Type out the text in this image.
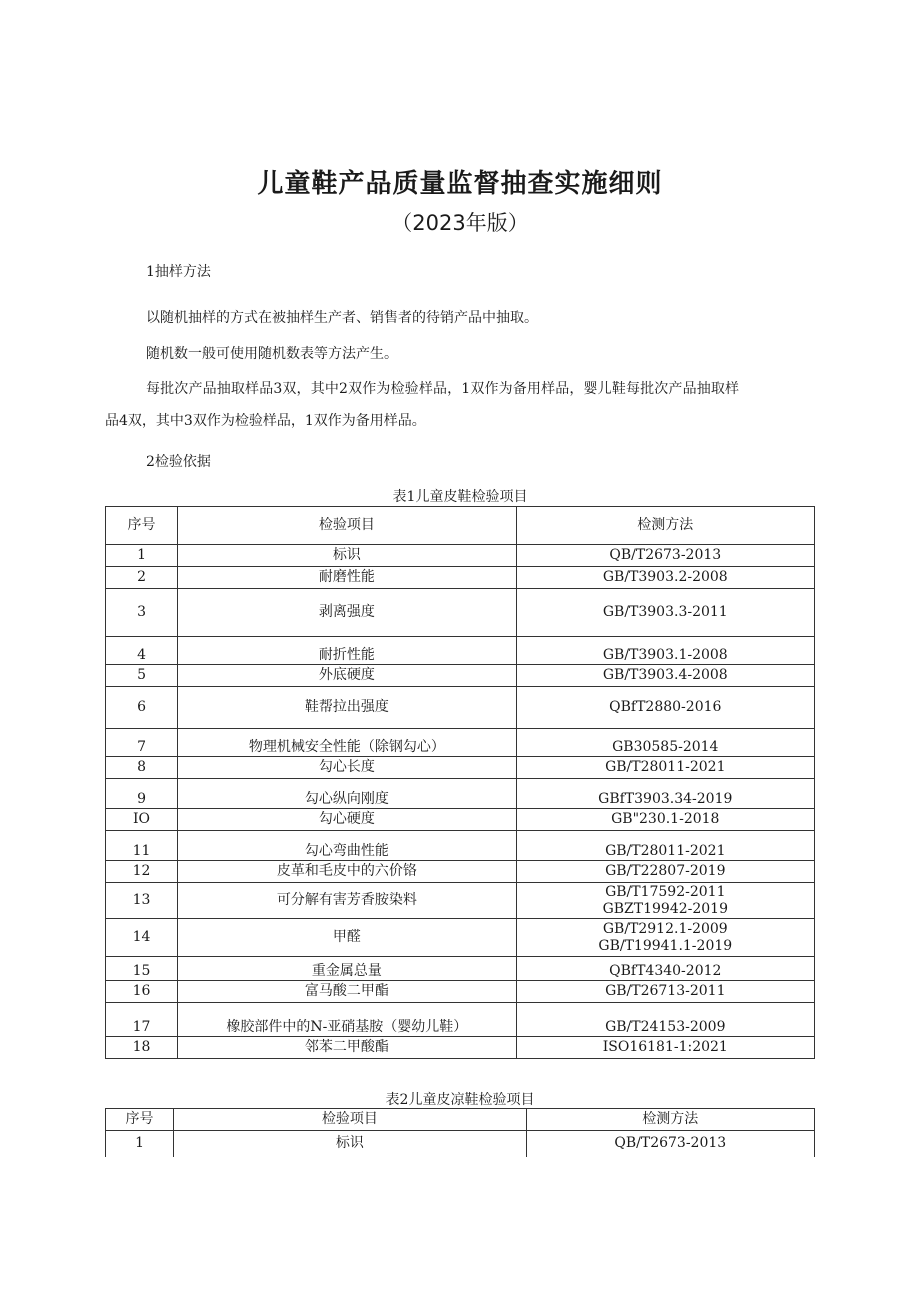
儿童鞋产品质量监督抽查实施细则
（2023年版）
1抽样方法
以随机抽样的方式在被抽样生产者、销售者的待销产品中抽取。
随机数一般可使用随机数表等方法产生。
每批次产品抽取样品3双，其中2双作为检验样品，1双作为备用样品，婴儿鞋每批次产品抽取样
品4双，其中3双作为检验样品，1双作为备用样品。
2检验依据
表1儿童皮鞋检验项目
序号	检验项目	检测方法
1	标识	QB/T2673-2013
2	耐磨性能	GB/T3903.2-2008
3	剥离强度	GB/T3903.3-2011
4	耐折性能	GB/T3903.1-2008
5	外底硬度	GB/T3903.4-2008
6	鞋帮拉出强度	QBfT2880-2016
7	物理机械安全性能（除钢勾心）	GB30585-2014
8	勾心长度	GB/T28011-2021
9	勾心纵向刚度	GBfT3903.34-2019
IO	勾心硬度	GB"230.1-2018
11	勾心弯曲性能	GB/T28011-2021
12	皮革和毛皮中的六价铬	GB/T22807-2019
13	可分解有害芳香胺染料	GB/T17592-2011
GBZT19942-2019

14	甲醛	GB/T2912.1-2009
GB/T19941.1-2019

15	重金属总量	QBfT4340-2012
16	富马酸二甲酯	GB/T26713-2011
17	橡胶部件中的N-亚硝基胺（婴幼儿鞋）	GB/T24153-2009
18	邻苯二甲酸酯	ISO16181-1:2021
表2儿童皮凉鞋检验项目
序号	检验项目	检测方法
1	标识	QB/T2673-2013
